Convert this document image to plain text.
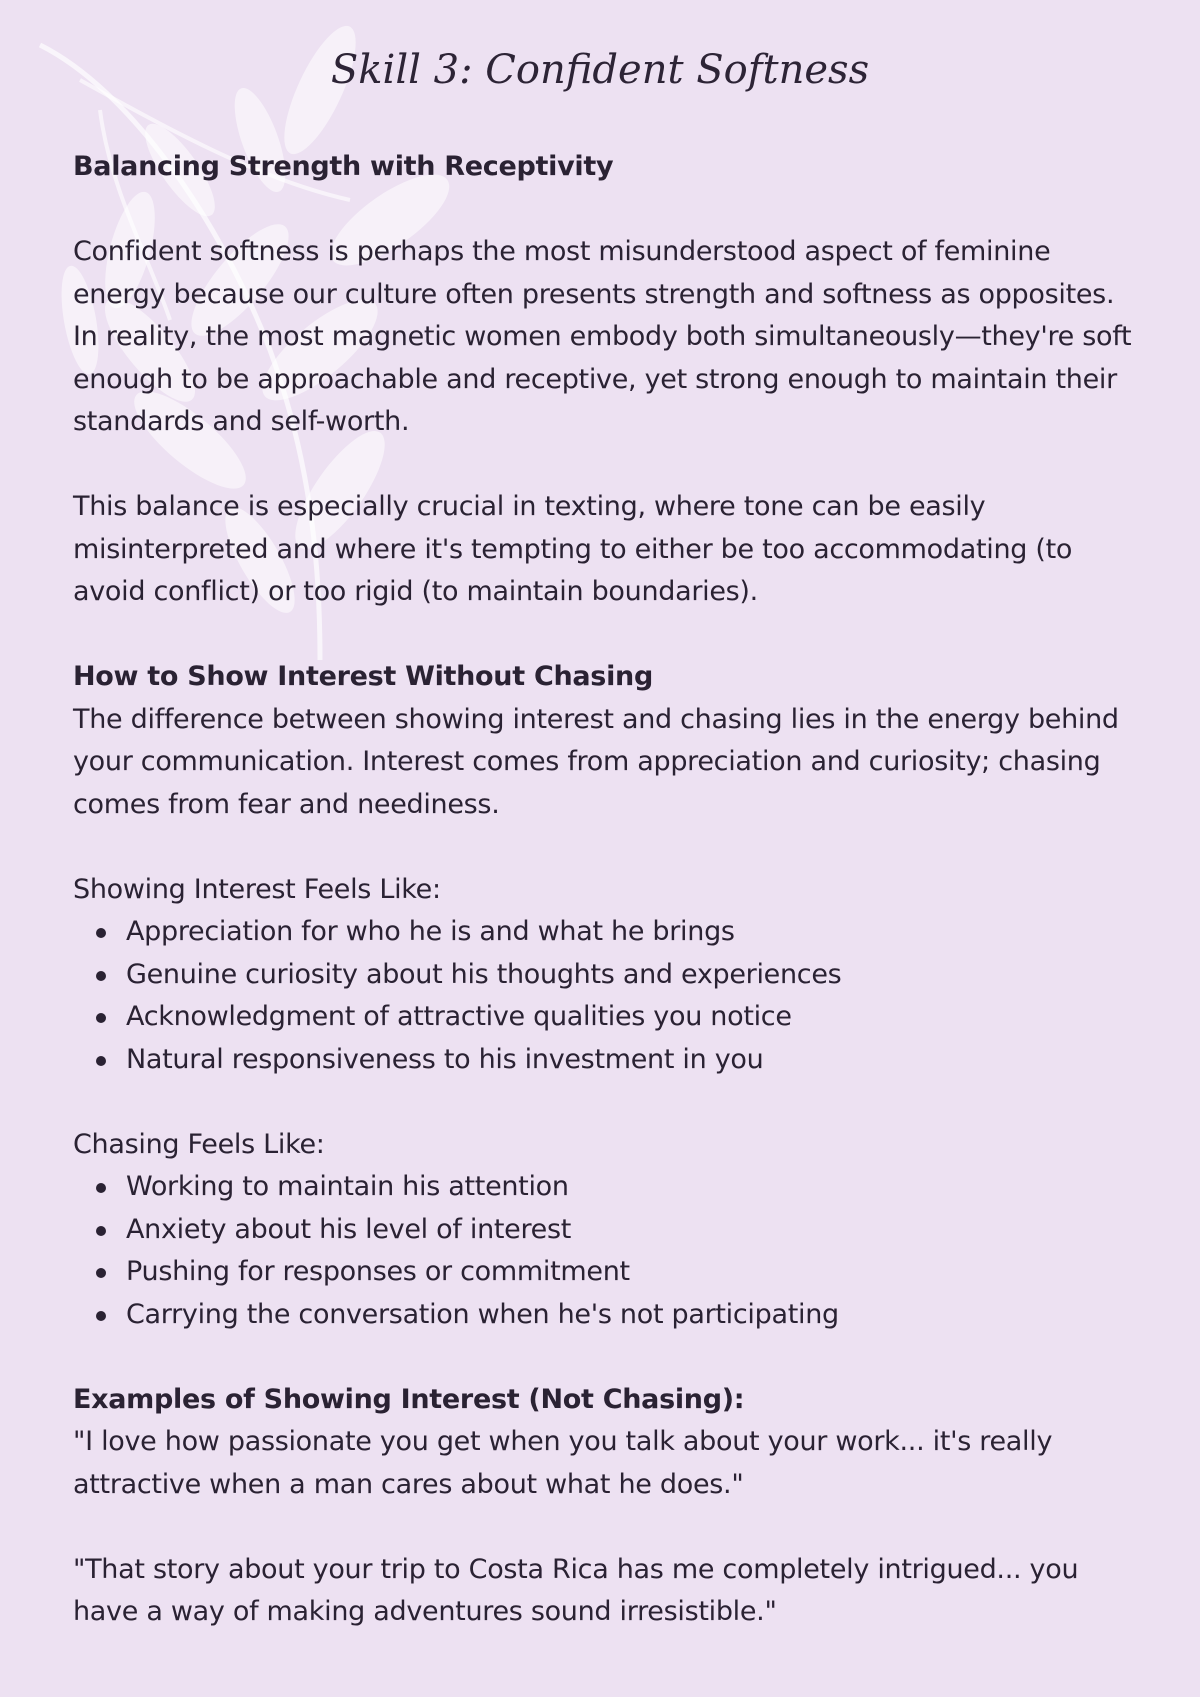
Skill 3: Confident Softness
Balancing Strength with Receptivity

Confident softness is perhaps the most misunderstood aspect of feminine energy because our culture often presents strength and softness as opposites. In reality, the most magnetic women embody both simultaneously—they're soft enough to be approachable and receptive, yet strong enough to maintain their standards and self-worth.

This balance is especially crucial in texting, where tone can be easily misinterpreted and where it's tempting to either be too accommodating (to avoid conflict) or too rigid (to maintain boundaries).

How to Show Interest Without Chasing

The difference between showing interest and chasing lies in the energy behind your communication. Interest comes from appreciation and curiosity; chasing comes from fear and neediness.

Showing Interest Feels Like:
Appreciation for who he is and what he brings
Genuine curiosity about his thoughts and experiences
Acknowledgment of attractive qualities you notice
Natural responsiveness to his investment in you
Chasing Feels Like:
Working to maintain his attention
Anxiety about his level of interest
Pushing for responses or commitment
Carrying the conversation when he's not participating
Examples of Showing Interest (Not Chasing):

"I love how passionate you get when you talk about your work... it's really attractive when a man cares about what he does."

"That story about your trip to Costa Rica has me completely intrigued... you have a way of making adventures sound irresistible."
